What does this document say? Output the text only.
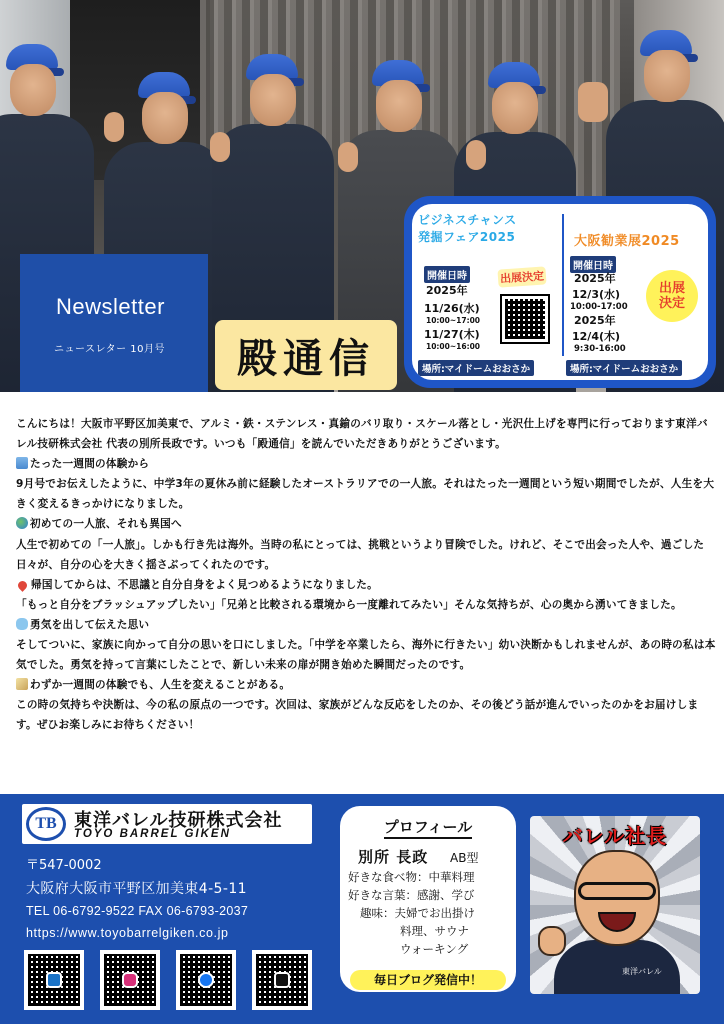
Newsletter
ニュースレター 10月号 殿通信
ビジネスチャンス
発掘フェア2025
開催日時	出展決定
2025年
11/26(水)
10:00~17:00
11/27(木)
10:00~16:00
場所:マイドームおおさか
大阪勧業展2025
開催日時
2025年
12/3(水)
10:00-17:00
2025年
12/4(木)
9:30-16:00
出展
決定
場所:マイドームおおさか

こんにちは！大阪市平野区加美東で、アルミ・鉄・ステンレス・真鍮のバリ取り・スケール落とし・光沢仕上げを専門に行っております東洋バレル技研株式会社 代表の別所長政です。いつも「殿通信」を読んでいただきありがとうございます。

たった一週間の体験から

9月号でお伝えしたように、中学3年の夏休み前に経験したオーストラリアでの一人旅。それはたった一週間という短い期間でしたが、人生を大きく変えるきっかけになりました。

初めての一人旅、それも異国へ

人生で初めての「一人旅」。しかも行き先は海外。当時の私にとっては、挑戦というより冒険でした。けれど、そこで出会った人や、過ごした日々が、自分の心を大きく揺さぶってくれたのです。

帰国してからは、不思議と自分自身をよく見つめるようになりました。

「もっと自分をブラッシュアップしたい」「兄弟と比較される環境から一度離れてみたい」そんな気持ちが、心の奥から湧いてきました。

勇気を出して伝えた思い

そしてついに、家族に向かって自分の思いを口にしました。「中学を卒業したら、海外に行きたい」幼い決断かもしれませんが、あの時の私は本気でした。勇気を持って言葉にしたことで、新しい未来の扉が開き始めた瞬間だったのです。

わずか一週間の体験でも、人生を変えることがある。

この時の気持ちや決断は、今の私の原点の一つです。次回は、家族がどんな反応をしたのか、その後どう話が進んでいったのかをお届けします。ぜひお楽しみにお待ちください！

TB 東洋バレル技研株式会社
TOYO BARREL GIKEN
〒547-0002
大阪府大阪市平野区加美東4-5-11
TEL 06-6792-9522 FAX 06-6793-2037
https://www.toyobarrelgiken.co.jp
プロフィール
別所 長政 AB型
好きな食べ物：中華料理
好きな言葉：感謝、学び
趣味：夫婦でお出掛け
料理、サウナ
ウォーキング
毎日ブログ発信中！
バレル社長
東洋バレル
